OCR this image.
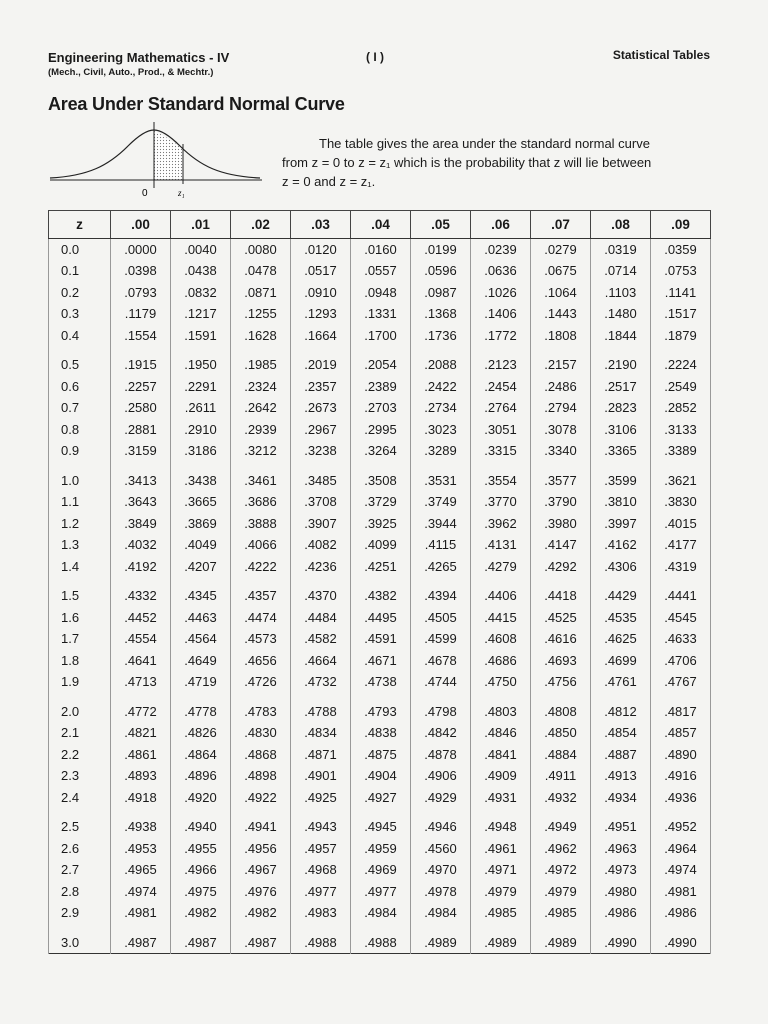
Engineering Mathematics - IV
(Mech., Civil, Auto., Prod., & Mechtr.)
( I )	Statistical Tables
Area Under Standard Normal Curve
0	z₁

The table gives the area under the standard normal curve

from z = 0 to z = z₁ which is the probability that z will lie between

z = 0 and z = z₁.

z	.00	.01	.02	.03	.04	.05	.06	.07	.08	.09
0.0	.0000	.0040	.0080	.0120	.0160	.0199	.0239	.0279	.0319	.0359
0.1	.0398	.0438	.0478	.0517	.0557	.0596	.0636	.0675	.0714	.0753
0.2	.0793	.0832	.0871	.0910	.0948	.0987	.1026	.1064	.1103	.1141
0.3	.1179	.1217	.1255	.1293	.1331	.1368	.1406	.1443	.1480	.1517
0.4	.1554	.1591	.1628	.1664	.1700	.1736	.1772	.1808	.1844	.1879
0.5	.1915	.1950	.1985	.2019	.2054	.2088	.2123	.2157	.2190	.2224
0.6	.2257	.2291	.2324	.2357	.2389	.2422	.2454	.2486	.2517	.2549
0.7	.2580	.2611	.2642	.2673	.2703	.2734	.2764	.2794	.2823	.2852
0.8	.2881	.2910	.2939	.2967	.2995	.3023	.3051	.3078	.3106	.3133
0.9	.3159	.3186	.3212	.3238	.3264	.3289	.3315	.3340	.3365	.3389
1.0	.3413	.3438	.3461	.3485	.3508	.3531	.3554	.3577	.3599	.3621
1.1	.3643	.3665	.3686	.3708	.3729	.3749	.3770	.3790	.3810	.3830
1.2	.3849	.3869	.3888	.3907	.3925	.3944	.3962	.3980	.3997	.4015
1.3	.4032	.4049	.4066	.4082	.4099	.4115	.4131	.4147	.4162	.4177
1.4	.4192	.4207	.4222	.4236	.4251	.4265	.4279	.4292	.4306	.4319
1.5	.4332	.4345	.4357	.4370	.4382	.4394	.4406	.4418	.4429	.4441
1.6	.4452	.4463	.4474	.4484	.4495	.4505	.4415	.4525	.4535	.4545
1.7	.4554	.4564	.4573	.4582	.4591	.4599	.4608	.4616	.4625	.4633
1.8	.4641	.4649	.4656	.4664	.4671	.4678	.4686	.4693	.4699	.4706
1.9	.4713	.4719	.4726	.4732	.4738	.4744	.4750	.4756	.4761	.4767
2.0	.4772	.4778	.4783	.4788	.4793	.4798	.4803	.4808	.4812	.4817
2.1	.4821	.4826	.4830	.4834	.4838	.4842	.4846	.4850	.4854	.4857
2.2	.4861	.4864	.4868	.4871	.4875	.4878	.4841	.4884	.4887	.4890
2.3	.4893	.4896	.4898	.4901	.4904	.4906	.4909	.4911	.4913	.4916
2.4	.4918	.4920	.4922	.4925	.4927	.4929	.4931	.4932	.4934	.4936
2.5	.4938	.4940	.4941	.4943	.4945	.4946	.4948	.4949	.4951	.4952
2.6	.4953	.4955	.4956	.4957	.4959	.4560	.4961	.4962	.4963	.4964
2.7	.4965	.4966	.4967	.4968	.4969	.4970	.4971	.4972	.4973	.4974
2.8	.4974	.4975	.4976	.4977	.4977	.4978	.4979	.4979	.4980	.4981
2.9	.4981	.4982	.4982	.4983	.4984	.4984	.4985	.4985	.4986	.4986
3.0	.4987	.4987	.4987	.4988	.4988	.4989	.4989	.4989	.4990	.4990
